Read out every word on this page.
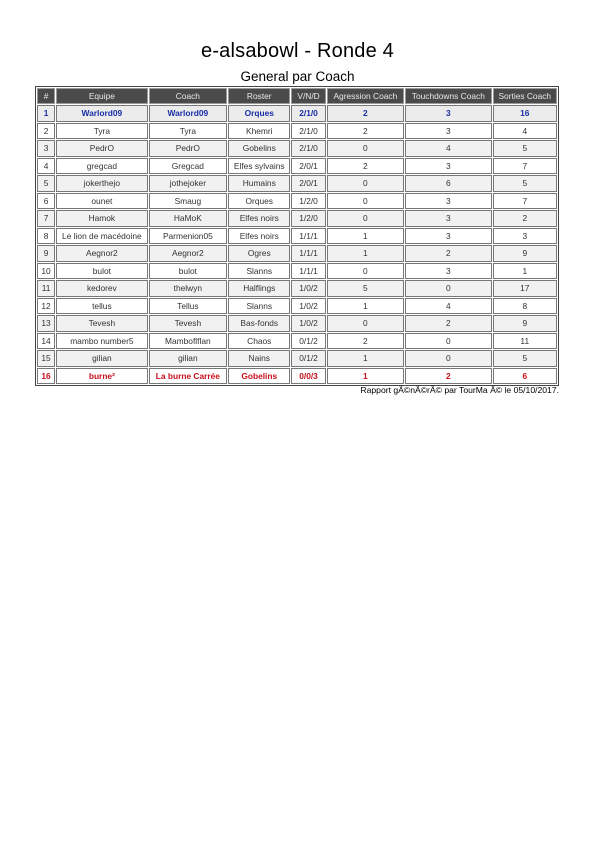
e-alsabowl - Ronde 4
General par Coach
#	Equipe	Coach	Roster	V/N/D	Agression Coach	Touchdowns Coach	Sorties Coach
1	Warlord09	Warlord09	Orques	2/1/0	2	3	16
2	Tyra	Tyra	Khemri	2/1/0	2	3	4
3	PedrO	PedrO	Gobelins	2/1/0	0	4	5
4	gregcad	Gregcad	Elfes sylvains	2/0/1	2	3	7
5	jokerthejo	jothejoker	Humains	2/0/1	0	6	5
6	ounet	Smaug	Orques	1/2/0	0	3	7
7	Hamok	HaMoK	Elfes noirs	1/2/0	0	3	2
8	Le lion de macédoine	Parmenion05	Elfes noirs	1/1/1	1	3	3
9	Aegnor2	Aegnor2	Ogres	1/1/1	1	2	9
10	bulot	bulot	Slanns	1/1/1	0	3	1
11	kedorev	thelwyn	Halflings	1/0/2	5	0	17
12	tellus	Tellus	Slanns	1/0/2	1	4	8
13	Tevesh	Tevesh	Bas-fonds	1/0/2	0	2	9
14	mambo number5	Mamboflflan	Chaos	0/1/2	2	0	11
15	gilian	gilian	Nains	0/1/2	1	0	5
16	burne²	La burne Carrée	Gobelins	0/0/3	1	2	6
Rapport gÃ©nÃ©rÃ© par TourMa Â© le 05/10/2017.
